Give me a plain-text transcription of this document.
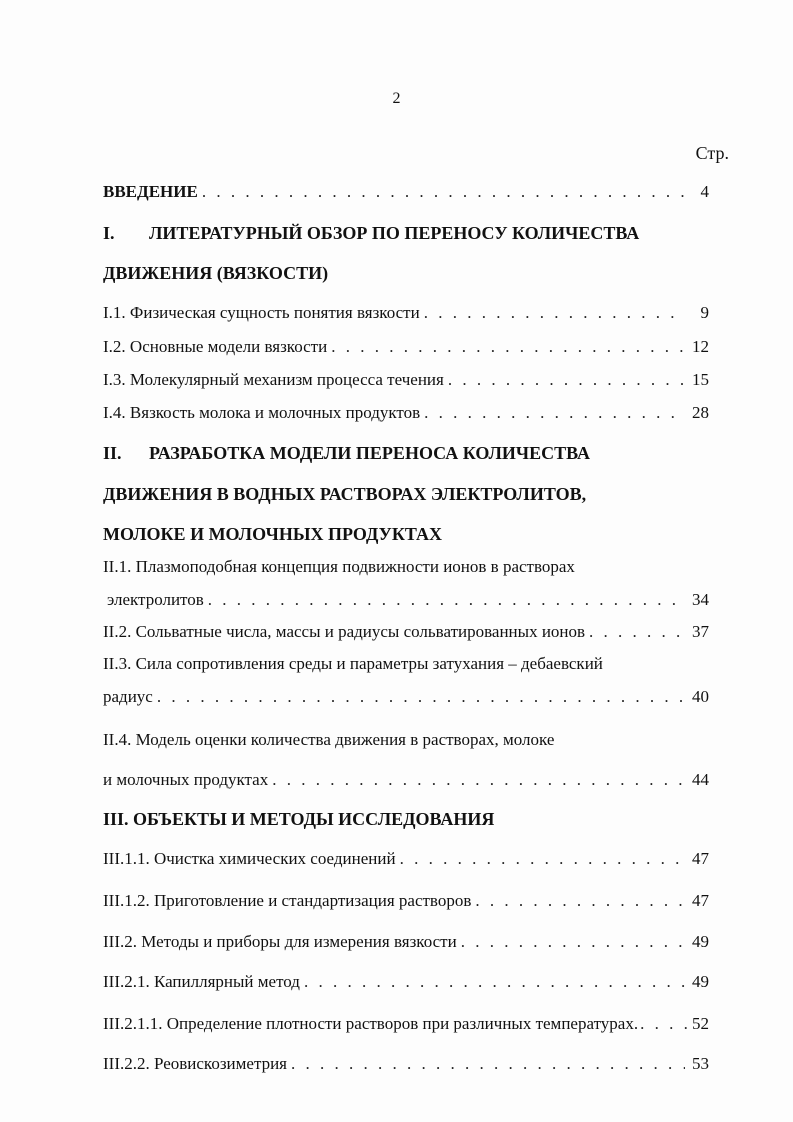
2
Стр.
ВВЕДЕНИЕ . . .	4
I. ЛИТЕРАТУРНЫЙ ОБЗОР ПО ПЕРЕНОСУ КОЛИЧЕСТВА
ДВИЖЕНИЯ (ВЯЗКОСТИ)
I.1. Физическая сущность понятия вязкости . . .	9
I.2. Основные модели вязкости . . .	12
I.3. Молекулярный механизм процесса течения . . .	15
I.4. Вязкость молока и молочных продуктов . . .	28
II. РАЗРАБОТКА МОДЕЛИ ПЕРЕНОСА КОЛИЧЕСТВА
ДВИЖЕНИЯ В ВОДНЫХ РАСТВОРАХ ЭЛЕКТРОЛИТОВ,
МОЛОКЕ И МОЛОЧНЫХ ПРОДУКТАХ
II.1. Плазмоподобная концепция подвижности ионов в растворах
электролитов . . .	34
II.2. Сольватные числа, массы и радиусы сольватированных ионов . . .	37
II.3. Сила сопротивления среды и параметры затухания – дебаевский
радиус . . .	40
II.4. Модель оценки количества движения в растворах, молоке
и молочных продуктах . . .	44
III. ОБЪЕКТЫ И МЕТОДЫ ИССЛЕДОВАНИЯ
III.1.1. Очистка химических соединений . . .	47
III.1.2. Приготовление и стандартизация растворов . . .	47
III.2. Методы и приборы для измерения вязкости . . .	49
III.2.1. Капиллярный метод . . .	49
III.2.1.1. Определение плотности растворов при различных температурах. . . .	52
III.2.2. Реовискозиметрия . . .	53
